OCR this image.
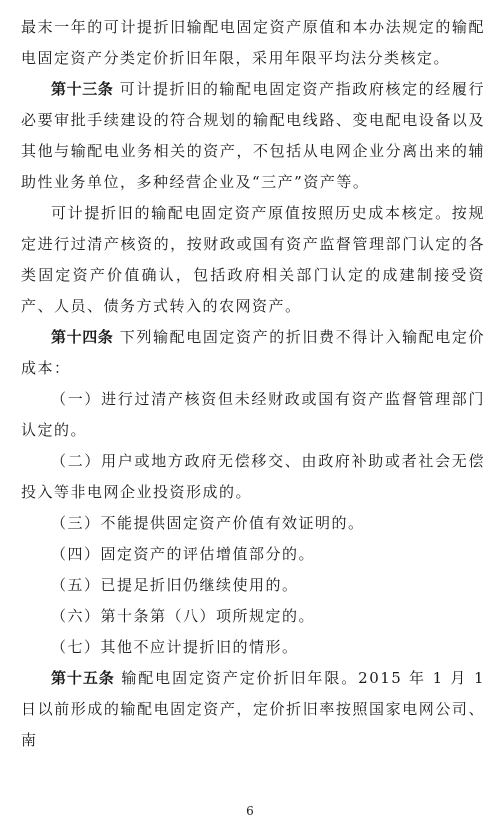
最末一年的可计提折旧输配电固定资产原值和本办法规定的输配电固定资产分类定价折旧年限，采用年限平均法分类核定。

第十三条 可计提折旧的输配电固定资产指政府核定的经履行必要审批手续建设的符合规划的输配电线路、变电配电设备以及其他与输配电业务相关的资产，不包括从电网企业分离出来的辅助性业务单位，多种经营企业及“三产”资产等。

可计提折旧的输配电固定资产原值按照历史成本核定。按规定进行过清产核资的，按财政或国有资产监督管理部门认定的各类固定资产价值确认，包括政府相关部门认定的成建制接受资产、人员、债务方式转入的农网资产。

第十四条 下列输配电固定资产的折旧费不得计入输配电定价成本：

（一）进行过清产核资但未经财政或国有资产监督管理部门认定的。

（二）用户或地方政府无偿移交、由政府补助或者社会无偿投入等非电网企业投资形成的。

（三）不能提供固定资产价值有效证明的。

（四）固定资产的评估增值部分的。

（五）已提足折旧仍继续使用的。

（六）第十条第（八）项所规定的。

（七）其他不应计提折旧的情形。

第十五条 输配电固定资产定价折旧年限。2015 年 1 月 1 日以前形成的输配电固定资产，定价折旧率按照国家电网公司、南

6
